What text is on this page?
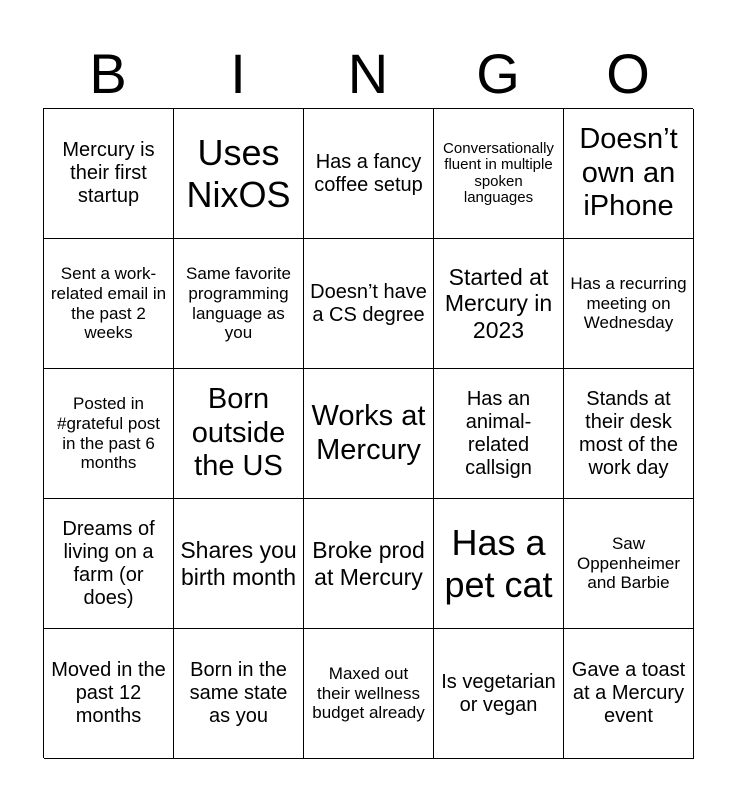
B	I	N	G	O
Mercury is their first startup
Uses NixOS
Has a fancy coffee setup
Conversationally fluent in multiple spoken languages
Doesn’t own an iPhone
Sent a work-related email in the past 2 weeks
Same favorite programming language as you
Doesn’t have a CS degree
Started at Mercury in 2023
Has a recurring meeting on Wednesday
Posted in #grateful post in the past 6 months
Born outside the US
Works at Mercury
Has an animal-related callsign
Stands at their desk most of the work day
Dreams of living on a farm (or does)
Shares you birth month
Broke prod at Mercury
Has a pet cat
Saw Oppenheimer and Barbie
Moved in the past 12 months
Born in the same state as you
Maxed out their wellness budget already
Is vegetarian or vegan
Gave a toast at a Mercury event
